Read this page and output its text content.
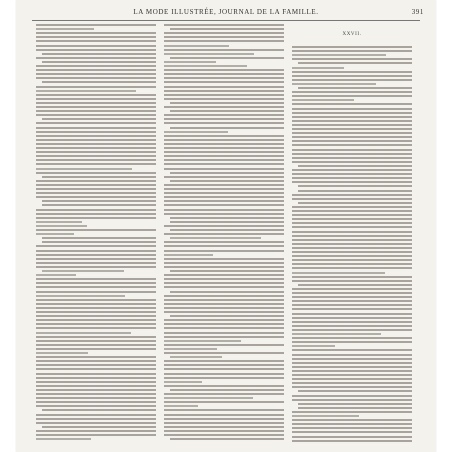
LA MODE ILLUSTRÉE, JOURNAL DE LA FAMILLE.	391
XXVII.
